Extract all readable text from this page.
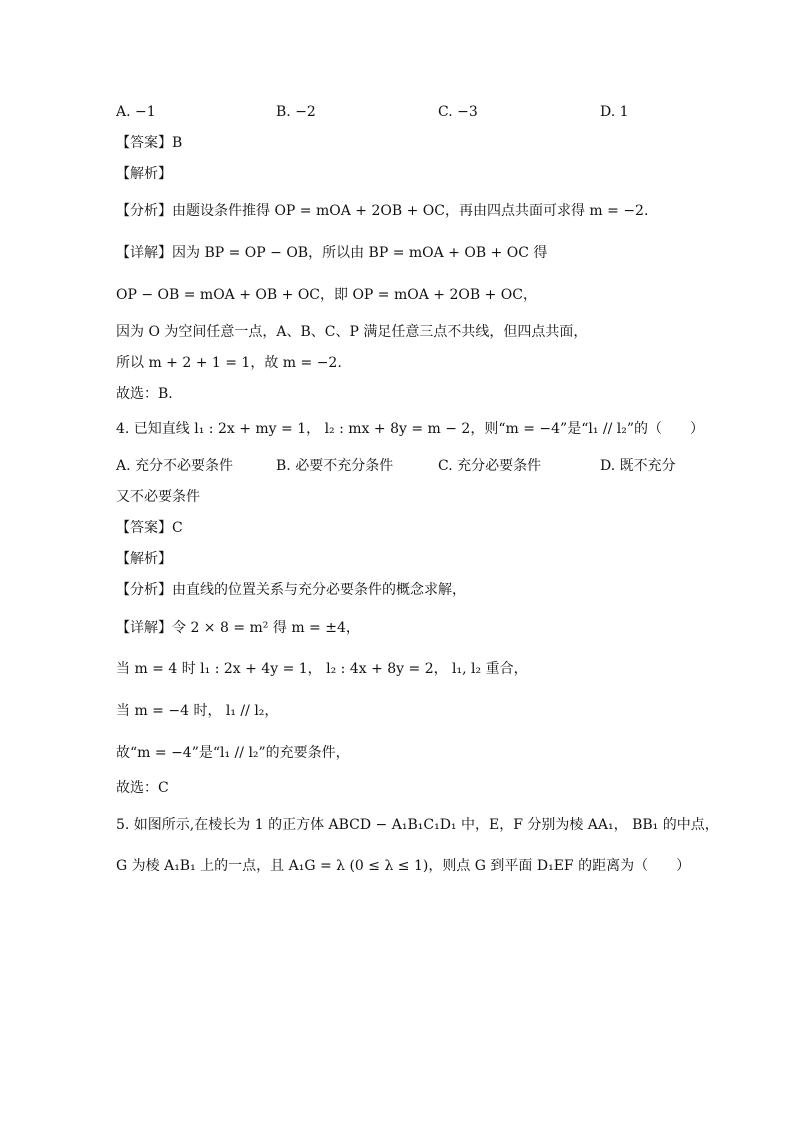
A. −1	B. −2	C. −3	D. 1
【答案】B
【解析】
【分析】由题设条件推得 OP = mOA + 2OB + OC，再由四点共面可求得 m = −2.
【详解】因为 BP = OP − OB，所以由 BP = mOA + OB + OC 得
OP − OB = mOA + OB + OC，即 OP = mOA + 2OB + OC，
因为 O 为空间任意一点，A、B、C、P 满足任意三点不共线，但四点共面，
所以 m + 2 + 1 = 1，故 m = −2.
故选：B.
4. 已知直线 l₁ : 2x + my = 1， l₂ : mx + 8y = m − 2，则“m = −4”是“l₁ // l₂”的（　　）
A. 充分不必要条件	B. 必要不充分条件	C. 充分必要条件	D. 既不充分
又不必要条件
【答案】C
【解析】
【分析】由直线的位置关系与充分必要条件的概念求解，
【详解】令 2 × 8 = m² 得 m = ±4，
当 m = 4 时 l₁ : 2x + 4y = 1， l₂ : 4x + 8y = 2， l₁, l₂ 重合，
当 m = −4 时， l₁ // l₂，
故“m = −4”是“l₁ // l₂”的充要条件，
故选：C
5. 如图所示,在棱长为 1 的正方体 ABCD − A₁B₁C₁D₁ 中，E，F 分别为棱 AA₁， BB₁ 的中点，
G 为棱 A₁B₁ 上的一点，且 A₁G = λ (0 ≤ λ ≤ 1)，则点 G 到平面 D₁EF 的距离为（　　）
